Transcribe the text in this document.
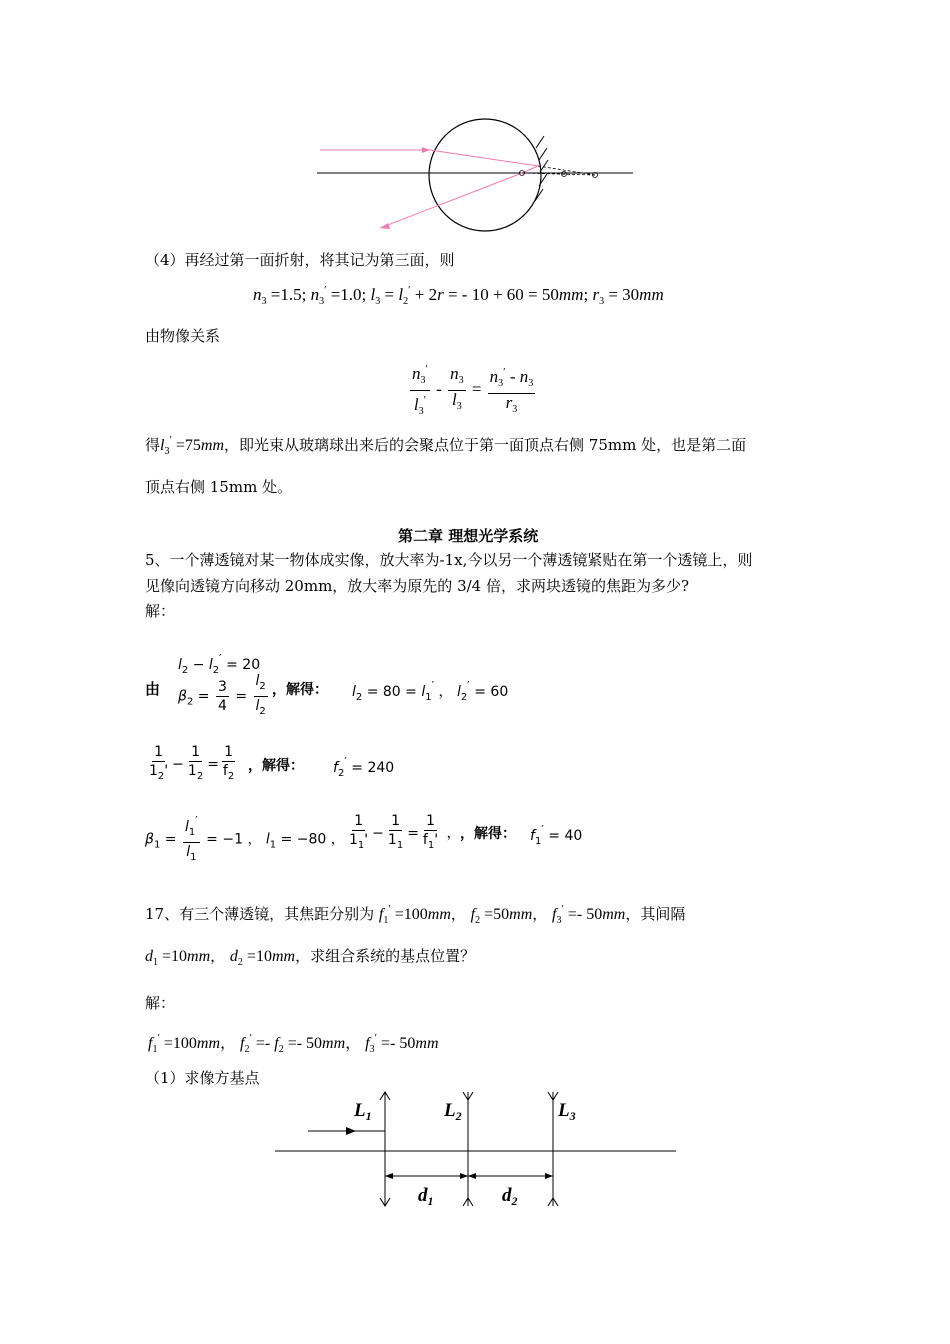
（4）再经过第一面折射，将其记为第三面，则
$n_3 =1.5$; $n_3' =1.0$; $l_3 = l_2' + 2r$ = - 10 + 60 = 50mm; $r_3 = 30mm$
由物像关系
$\frac{n_3'}{l_3'} - \frac{n_3}{l_3} = \frac{n_3' - n_3}{r_3}$
得$l_3' =75mm$，即光束从玻璃球出来后的会聚点位于第一面顶点右侧 75mm 处，也是第二面
顶点右侧 15mm 处。
第二章 理想光学系统
5、一个薄透镜对某一物体成实像，放大率为-1x,今以另一个薄透镜紧贴在第一个透镜上，则
见像向透镜方向移动 20mm，放大率为原先的 3/4 倍，求两块透镜的焦距为多少?
解：
由
$l_2 - l_2' = 20$
$\beta_2 = \frac{3}{4} = \frac{l_2}{l_2}$ ，解得： $l_2 = 80 = l_1'$ ， $l_2' = 60$
$\frac{1}{1_2'} - \frac{1}{1_2} = \frac{1}{f_2}$ ，解得： $f_2' = 240$
$\beta_1 = \frac{l_1'}{l_1} = -1$ ， $l_1 = -80$ ， $\frac{1}{1_1'} - \frac{1}{1_1} = \frac{1}{f_1'}$ ， ，解得： $f_1' = 40$
17、有三个薄透镜，其焦距分别为 $f_1' =100mm$， $f_2 =50mm$， $f_3' =- 50mm$，其间隔
$d_1 =10mm$， $d_2 =10mm$，求组合系统的基点位置？
解：
$f_1' =100mm$， $f_2' =- f_2 =- 50mm$， $f_3' =- 50mm$
（1）求像方基点
$L_1$	$L_2$	$L_3$
$d_1$	$d_2$
